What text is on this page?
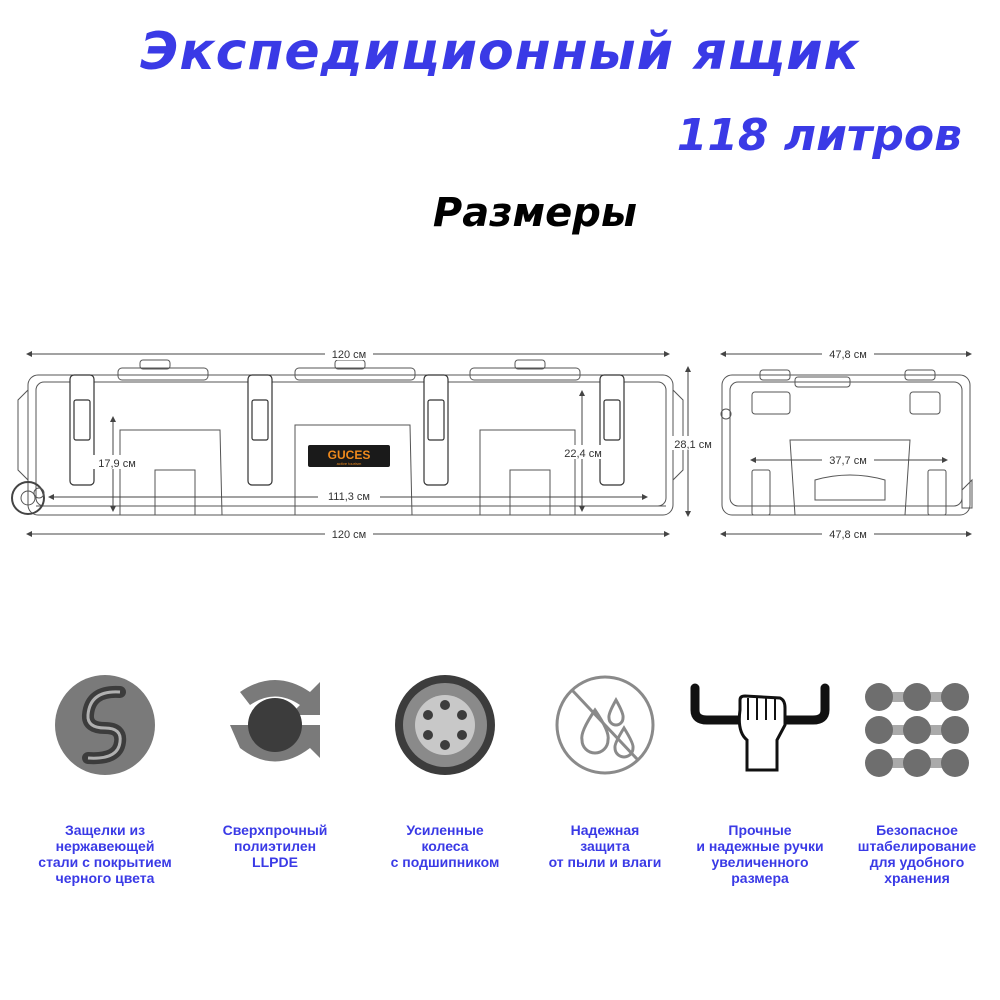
Экспедиционный ящик
118 литров
Размеры
GUCES
active tourism
120 см
120 см
111,3 см
17,9 см
22,4 см
28,1 см
47,8 см
47,8 см
37,7 см
Защелки из
нержавеющей
стали с покрытием
черного цвета
Сверхпрочный
полиэтилен
LLPDE
Усиленные
колеса
с подшипником
Надежная
защита
от пыли и влаги
Прочные
и надежные ручки
увеличенного
размера
Безопасное
штабелирование
для удобного
хранения
